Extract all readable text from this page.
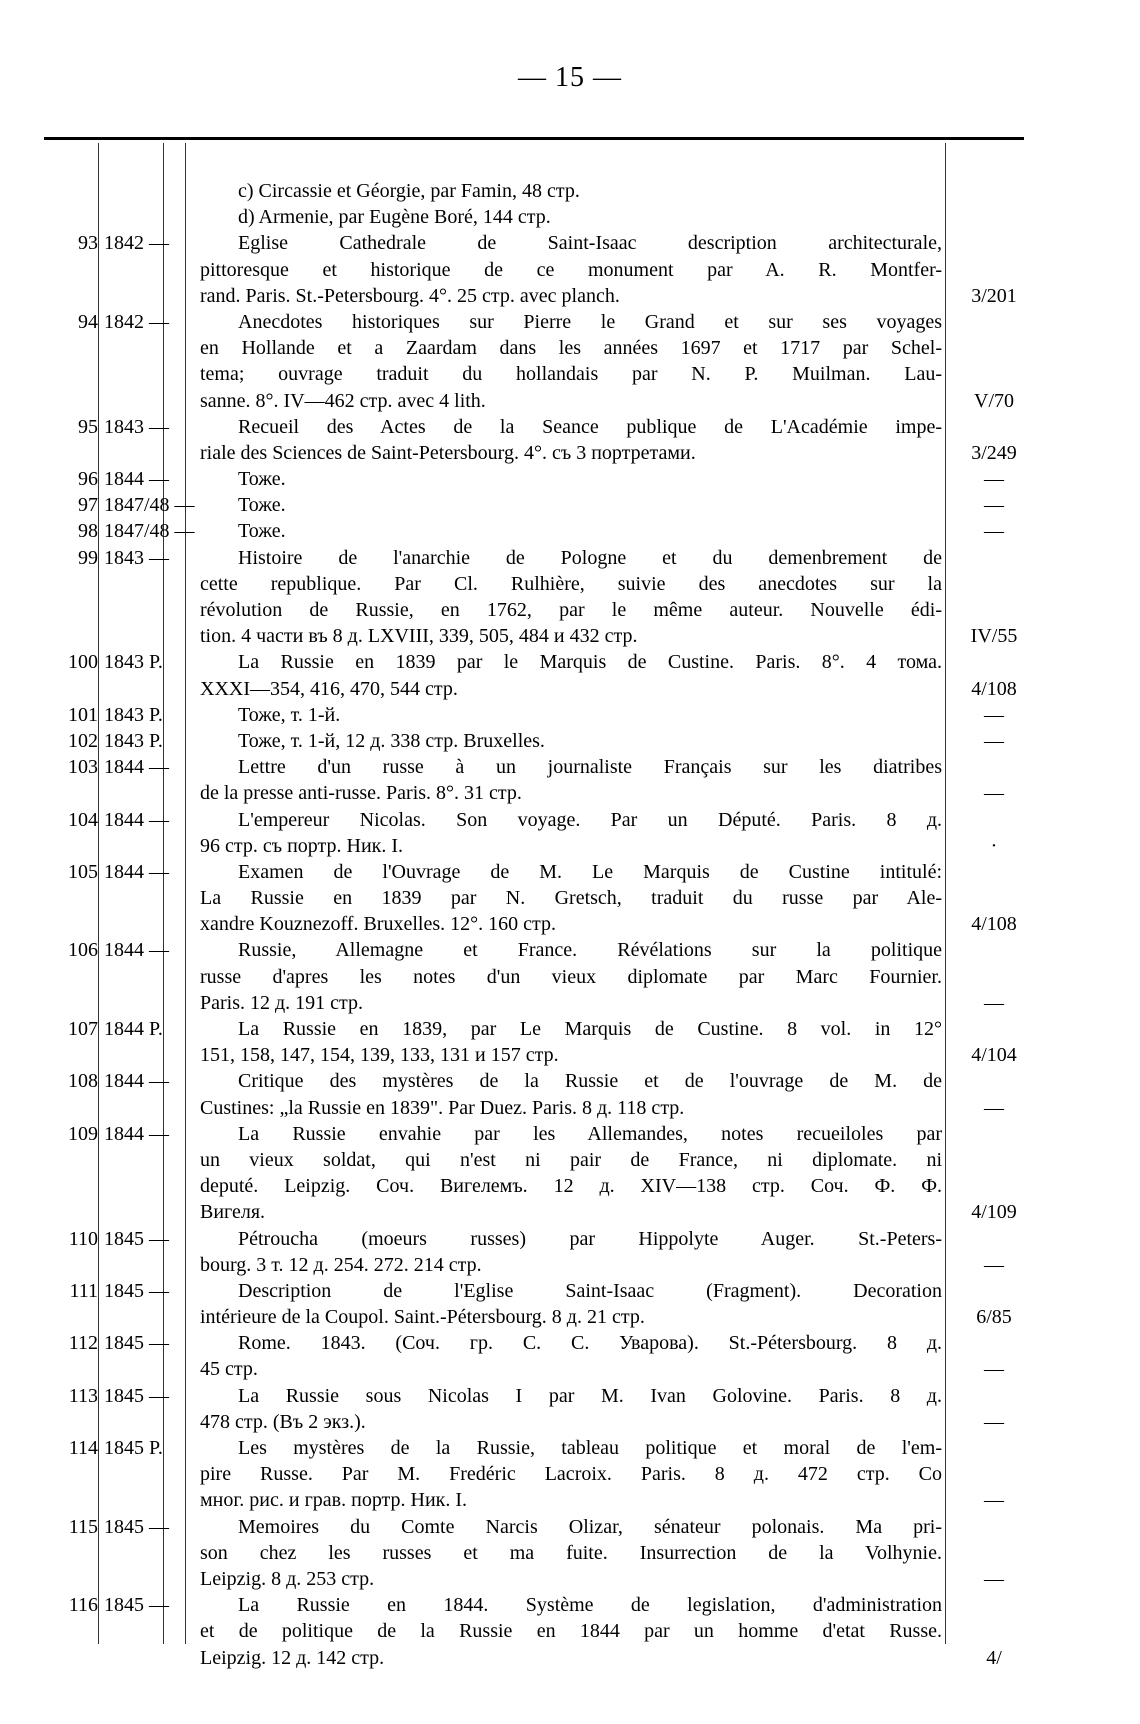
— 15 —
c) Circassie et Géorgie, par Famin, 48 стр.
d) Armenie, par Eugène Boré, 144 стр.
93 1842 —	Eglise Cathedrale de Saint-Isaac description architecturale,
pittoresque et historique de ce monument par A. R. Montfer-
rand. Paris. St.-Petersbourg. 4°. 25 стр. avec planch.	3/201
94 1842 —	Anecdotes historiques sur Pierre le Grand et sur ses voyages
en Hollande et a Zaardam dans les années 1697 et 1717 par Schel-
tema; ouvrage traduit du hollandais par N. P. Muilman. Lau-
sanne. 8°. IV—462 стр. avec 4 lith.	V/70
95 1843 —	Recueil des Actes de la Seance publique de L'Académie impe-
riale des Sciences de Saint-Petersbourg. 4°. съ 3 портретами.	3/249
96 1844 —	Тоже.	—
97 1847/48 —	Тоже.	—
98 1847/48 —	Тоже.	—
99 1843 —	Histoire de l'anarchie de Pologne et du demenbrement de
cette republique. Par Cl. Rulhière, suivie des anecdotes sur la
révolution de Russie, en 1762, par le même auteur. Nouvelle édi-
tion. 4 части въ 8 д. LXVIII, 339, 505, 484 и 432 стр.	IV/55
100 1843 P.	La Russie en 1839 par le Marquis de Custine. Paris. 8°. 4 тома.
XXXI—354, 416, 470, 544 стр.	4/108
101 1843 P.	Тоже, т. 1-й.	—
102 1843 P.	Тоже, т. 1-й, 12 д. 338 стр. Bruxelles.	—
103 1844 —	Lettre d'un russe à un journaliste Français sur les diatribes
de la presse anti-russe. Paris. 8°. 31 стр.	—
104 1844 —	L'empereur Nicolas. Son voyage. Par un Député. Paris. 8 д.
96 стр. съ портр. Ник. I.	·
105 1844 —	Examen de l'Ouvrage de M. Le Marquis de Custine intitulé:
La Russie en 1839 par N. Gretsch, traduit du russe par Ale-
xandre Kouznezoff. Bruxelles. 12°. 160 стр.	4/108
106 1844 —	Russie, Allemagne et France. Révélations sur la politique
russe d'apres les notes d'un vieux diplomate par Marc Fournier.
Paris. 12 д. 191 стр.	—
107 1844 P.	La Russie en 1839, par Le Marquis de Custine. 8 vol. in 12°
151, 158, 147, 154, 139, 133, 131 и 157 стр.	4/104
108 1844 —	Critique des mystères de la Russie et de l'ouvrage de M. de
Custines: „la Russie en 1839". Par Duez. Paris. 8 д. 118 стр.	—
109 1844 —	La Russie envahie par les Allemandes, notes recueiloles par
un vieux soldat, qui n'est ni pair de France, ni diplomate. ni
deputé. Leipzig. Соч. Вигелемъ. 12 д. XIV—138 стр. Соч. Ф. Ф.
Вигеля.	4/109
110 1845 —	Pétroucha (moeurs russes) par Hippolyte Auger. St.-Peters-
bourg. 3 т. 12 д. 254. 272. 214 стр.	—
111 1845 —	Description de l'Eglise Saint-Isaac (Fragment). Decoration
intérieure de la Coupol. Saint.-Pétersbourg. 8 д. 21 стр.	6/85
112 1845 —	Rome. 1843. (Соч. гр. С. С. Уварова). St.-Pétersbourg. 8 д.
45 стр.	—
113 1845 —	La Russie sous Nicolas I par M. Ivan Golovine. Paris. 8 д.
478 стр. (Въ 2 экз.).	—
114 1845 P.	Les mystères de la Russie, tableau politique et moral de l'em-
pire Russe. Par M. Fredéric Lacroix. Paris. 8 д. 472 стр. Co
мног. рис. и грав. портр. Ник. I.	—
115 1845 —	Memoires du Comte Narcis Olizar, sénateur polonais. Ma pri-
son chez les russes et ma fuite. Insurrection de la Volhynie.
Leipzig. 8 д. 253 стр.	—
116 1845 —	La Russie en 1844. Système de legislation, d'administration
et de politique de la Russie en 1844 par un homme d'etat Russe.
Leipzig. 12 д. 142 стр.	4/
